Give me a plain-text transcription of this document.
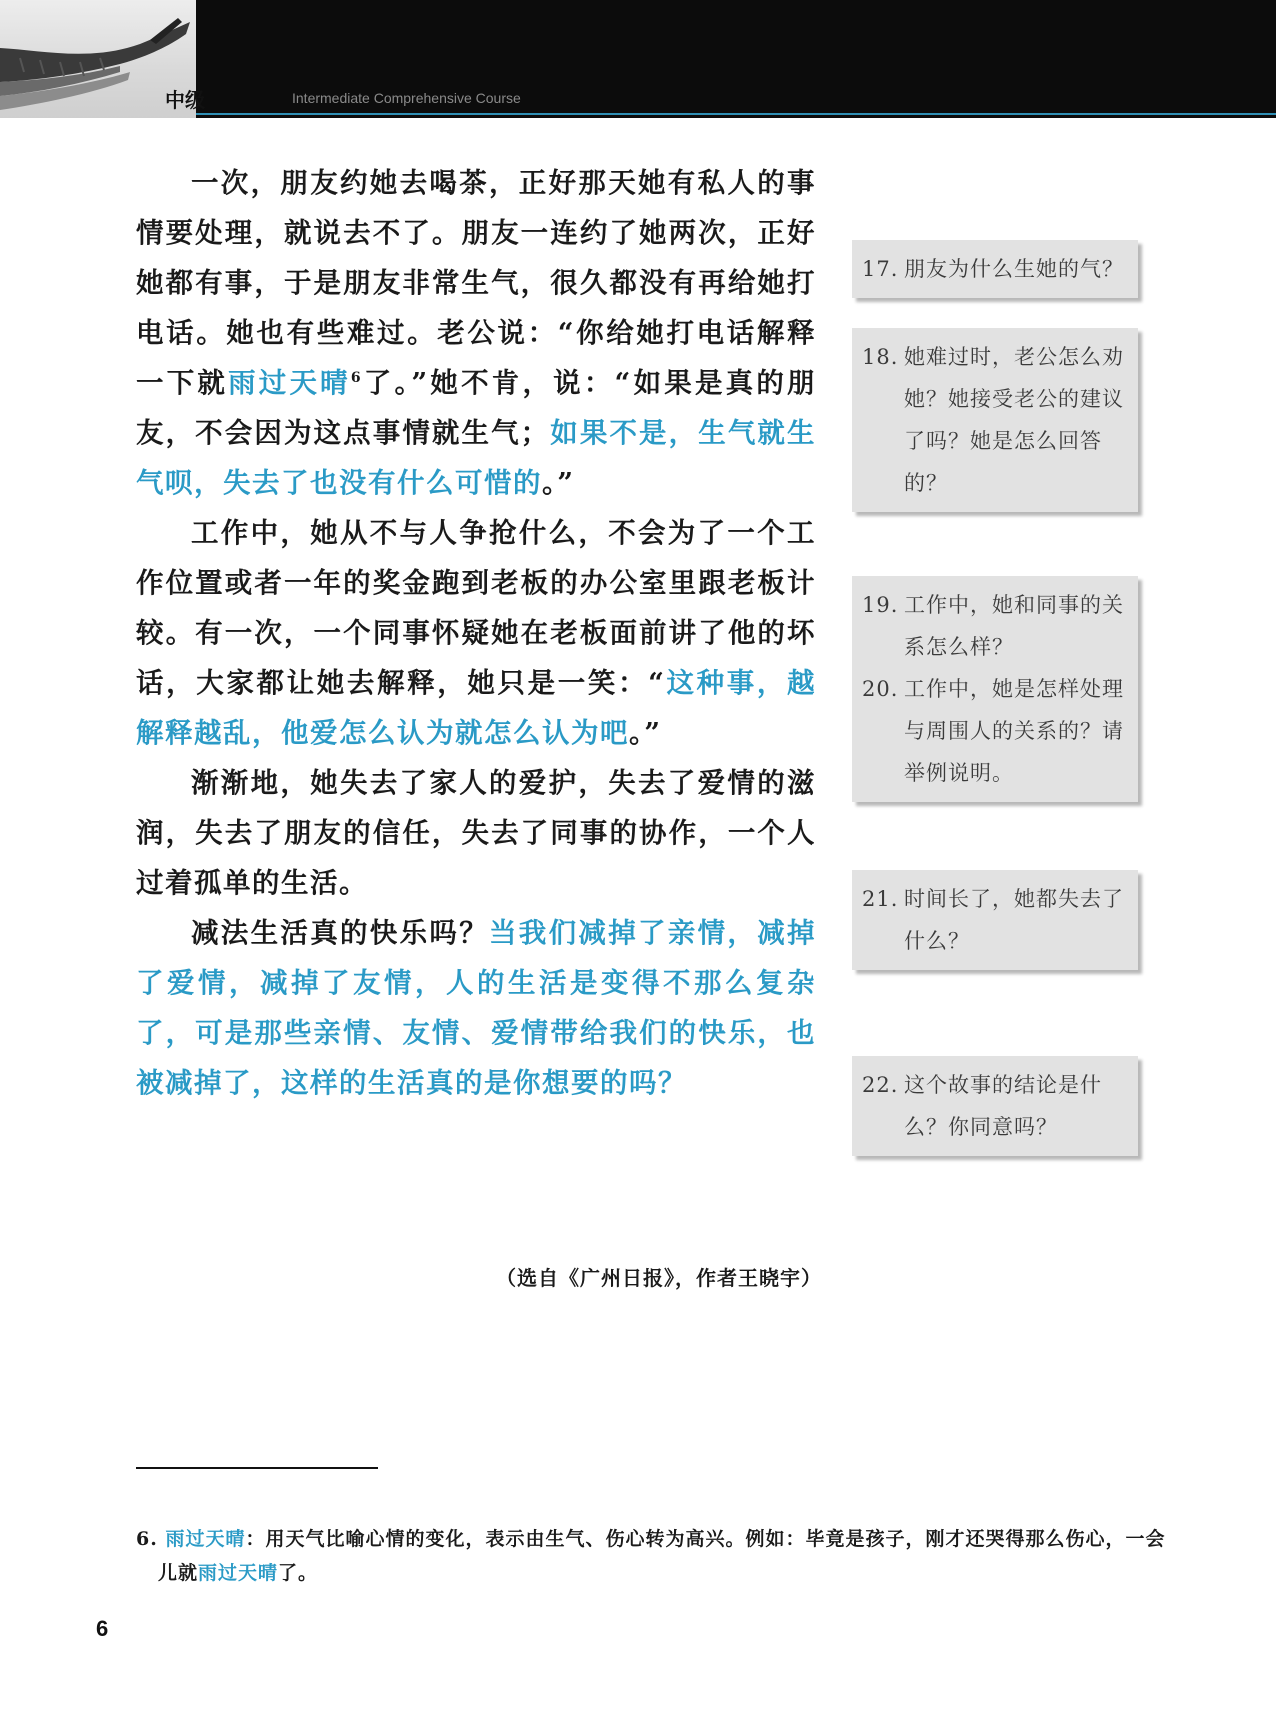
中级	Intermediate Comprehensive Course

一次，朋友约她去喝茶，正好那天她有私人的事情要处理，就说去不了。朋友一连约了她两次，正好她都有事，于是朋友非常生气，很久都没有再给她打电话。她也有些难过。老公说：“你给她打电话解释一下就雨过天晴$^6$了。”她不肯，说：“如果是真的朋友，不会因为这点事情就生气；如果不是，生气就生气呗，失去了也没有什么可惜的。”

工作中，她从不与人争抢什么，不会为了一个工作位置或者一年的奖金跑到老板的办公室里跟老板计较。有一次，一个同事怀疑她在老板面前讲了他的坏话，大家都让她去解释，她只是一笑：“这种事，越解释越乱，他爱怎么认为就怎么认为吧。”

渐渐地，她失去了家人的爱护，失去了爱情的滋润，失去了朋友的信任，失去了同事的协作，一个人过着孤单的生活。

减法生活真的快乐吗？当我们减掉了亲情，减掉了爱情，减掉了友情，人的生活是变得不那么复杂了，可是那些亲情、友情、爱情带给我们的快乐，也被减掉了，这样的生活真的是你想要的吗？

（选自《广州日报》，作者王晓宇）
17. 朋友为什么生她的气？
18. 她难过时，老公怎么劝她？她接受老公的建议了吗？她是怎么回答的？
19. 工作中，她和同事的关系怎么样？
20. 工作中，她是怎样处理与周围人的关系的？请举例说明。
21. 时间长了，她都失去了什么？
22. 这个故事的结论是什么？你同意吗？
6. 雨过天晴：用天气比喻心情的变化，表示由生气、伤心转为高兴。例如：毕竟是孩子，刚才还哭得那么伤心，一会儿就雨过天晴了。
6
